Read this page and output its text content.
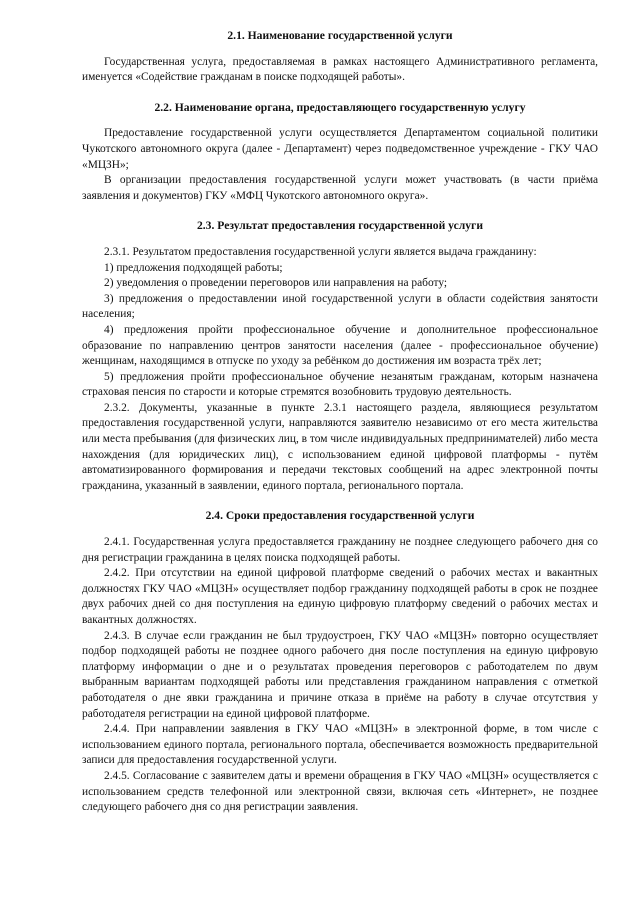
2.1. Наименование государственной услуги

Государственная услуга, предоставляемая в рамках настоящего Административного регламента, именуется «Содействие гражданам в поиске подходящей работы».

2.2. Наименование органа, предоставляющего государственную услугу

Предоставление государственной услуги осуществляется Департаментом социальной политики Чукотского автономного округа (далее - Департамент) через подведомственное учреждение - ГКУ ЧАО «МЦЗН»;

В организации предоставления государственной услуги может участвовать (в части приёма заявления и документов) ГКУ «МФЦ Чукотского автономного округа».

2.3. Результат предоставления государственной услуги

2.3.1. Результатом предоставления государственной услуги является выдача гражданину:

1) предложения подходящей работы;

2) уведомления о проведении переговоров или направления на работу;

3) предложения о предоставлении иной государственной услуги в области содействия занятости населения;

4) предложения пройти профессиональное обучение и дополнительное профессиональное образование по направлению центров занятости населения (далее - профессиональное обучение) женщинам, находящимся в отпуске по уходу за ребёнком до достижения им возраста трёх лет;

5) предложения пройти профессиональное обучение незанятым гражданам, которым назначена страховая пенсия по старости и которые стремятся возобновить трудовую деятельность.

2.3.2. Документы, указанные в пункте 2.3.1 настоящего раздела, являющиеся результатом предоставления государственной услуги, направляются заявителю независимо от его места жительства или места пребывания (для физических лиц, в том числе индивидуальных предпринимателей) либо места нахождения (для юридических лиц), с использованием единой цифровой платформы - путём автоматизированного формирования и передачи текстовых сообщений на адрес электронной почты гражданина, указанный в заявлении, единого портала, регионального портала.

2.4. Сроки предоставления государственной услуги

2.4.1. Государственная услуга предоставляется гражданину не позднее следующего рабочего дня со дня регистрации гражданина в целях поиска подходящей работы.

2.4.2. При отсутствии на единой цифровой платформе сведений о рабочих местах и вакантных должностях ГКУ ЧАО «МЦЗН» осуществляет подбор гражданину подходящей работы в срок не позднее двух рабочих дней со дня поступления на единую цифровую платформу сведений о рабочих местах и вакантных должностях.

2.4.3. В случае если гражданин не был трудоустроен, ГКУ ЧАО «МЦЗН» повторно осуществляет подбор подходящей работы не позднее одного рабочего дня после поступления на единую цифровую платформу информации о дне и о результатах проведения переговоров с работодателем по двум выбранным вариантам подходящей работы или представления гражданином направления с отметкой работодателя о дне явки гражданина и причине отказа в приёме на работу в случае отсутствия у работодателя регистрации на единой цифровой платформе.

2.4.4. При направлении заявления в ГКУ ЧАО «МЦЗН» в электронной форме, в том числе с использованием единого портала, регионального портала, обеспечивается возможность предварительной записи для предоставления государственной услуги.

2.4.5. Согласование с заявителем даты и времени обращения в ГКУ ЧАО «МЦЗН» осуществляется с использованием средств телефонной или электронной связи, включая сеть «Интернет», не позднее следующего рабочего дня со дня регистрации заявления.
